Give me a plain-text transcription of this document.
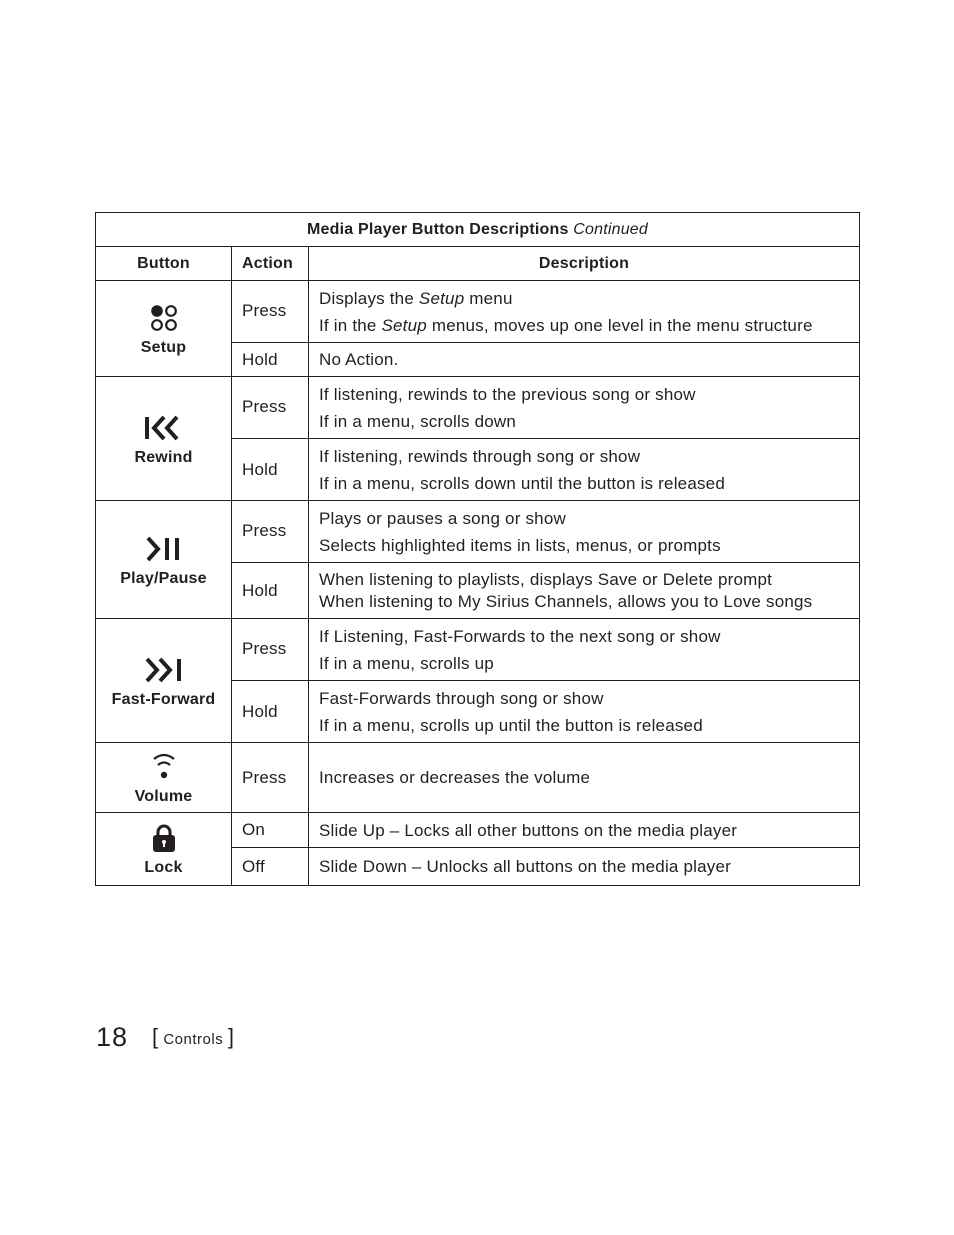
Media Player Button Descriptions Continued		
Button	Action	Description

Setup	Press	Displays the Setup menu
If in the Setup menus, moves up one level in the menu structure

	Hold	No Action.

Rewind	Press	If listening, rewinds to the previous song or show
If in a menu, scrolls down

	Hold	If listening, rewinds through song or show
If in a menu, scrolls down until the button is released

Play/Pause	Press	Plays or pauses a song or show
Selects highlighted items in lists, menus, or prompts

	Hold	When listening to playlists, displays Save or Delete prompt
When listening to My Sirius Channels, allows you to Love songs

Fast-Forward	Press	If Listening, Fast-Forwards to the next song or show
If in a menu, scrolls up

	Hold	Fast-Forwards through song or show
If in a menu, scrolls up until the button is released

Volume	Press	Increases or decreases the volume

Lock	On	Slide Up – Locks all other buttons on the media player

	Off	Slide Down – Unlocks all buttons on the media player
18 [ Controls ]
